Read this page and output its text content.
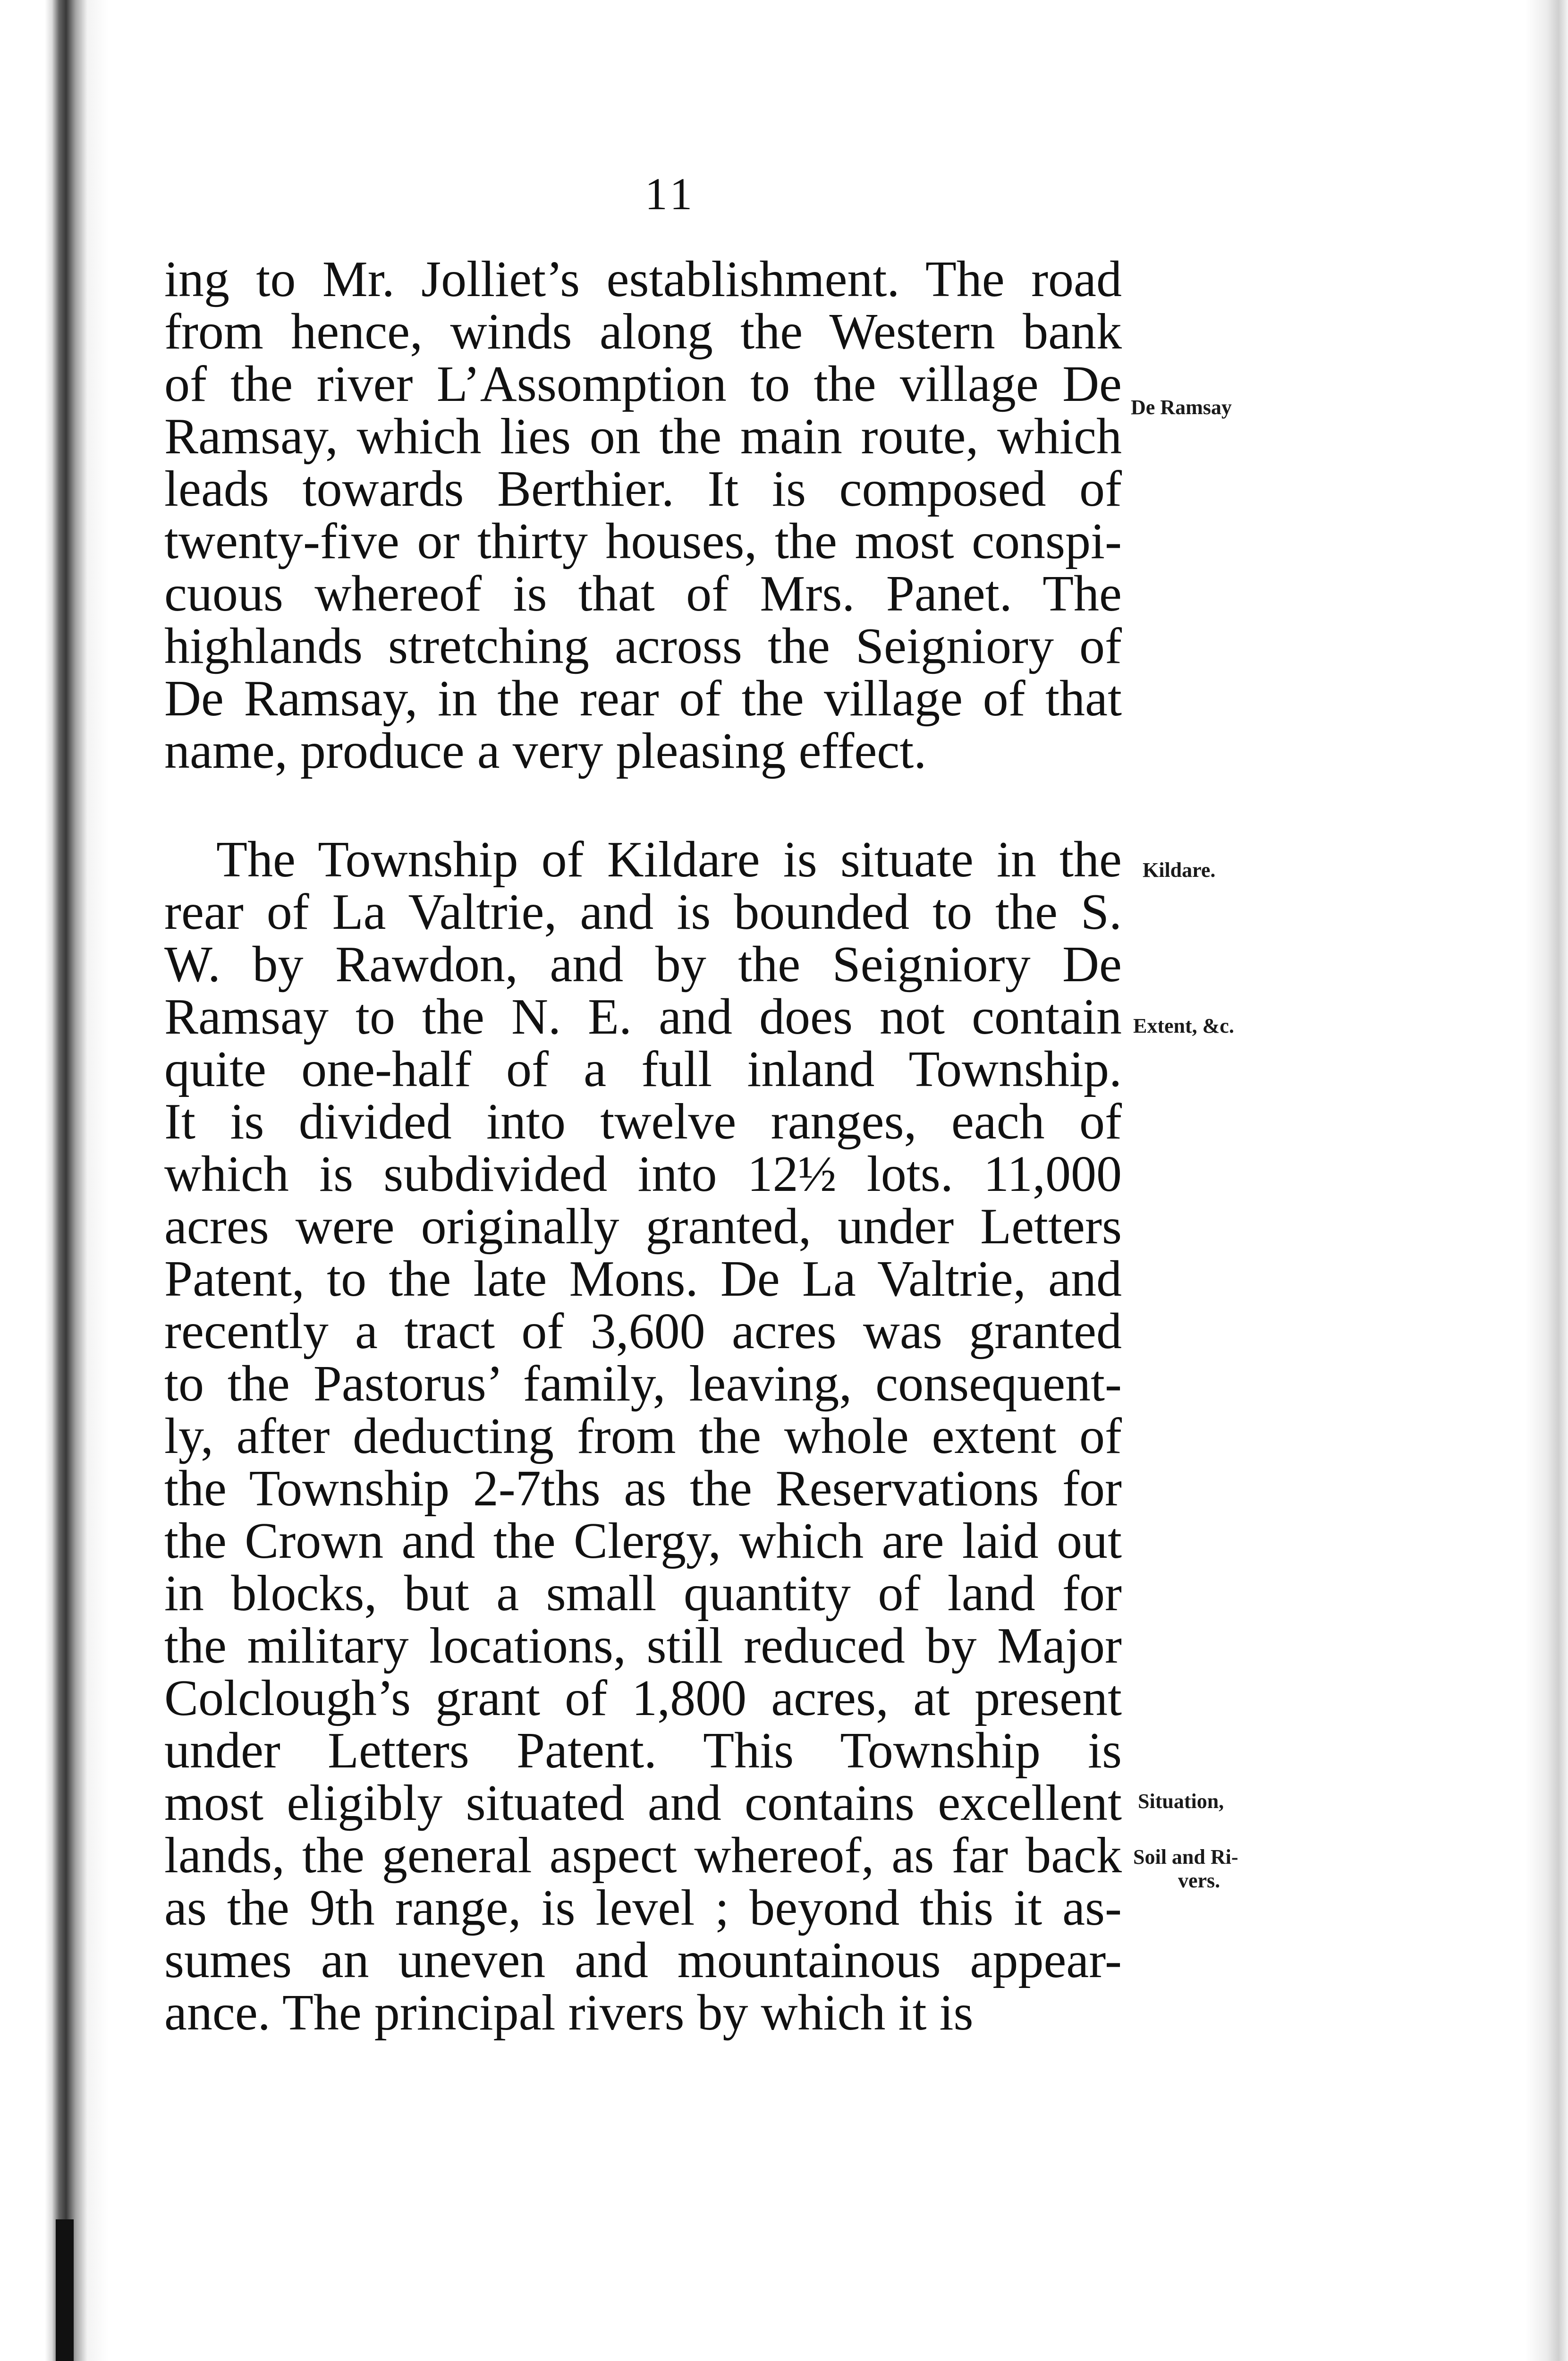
11
ing to Mr. Jolliet’s establishment. The road
from hence, winds along the Western bank
of the river L’Assomption to the village De
Ramsay, which lies on the main route, which
leads towards Berthier. It is composed of
twenty-five or thirty houses, the most conspi-
cuous whereof is that of Mrs. Panet. The
highlands stretching across the Seigniory of
De Ramsay, in the rear of the village of that
name, produce a very pleasing effect.
The Township of Kildare is situate in the
rear of La Valtrie, and is bounded to the S.
W. by Rawdon, and by the Seigniory De
Ramsay to the N. E. and does not contain
quite one-half of a full inland Township.
It is divided into twelve ranges, each of
which is subdivided into 12½ lots. 11,000
acres were originally granted, under Letters
Patent, to the late Mons. De La Valtrie, and
recently a tract of 3,600 acres was granted
to the Pastorus’ family, leaving, consequent-
ly, after deducting from the whole extent of
the Township 2-7ths as the Reservations for
the Crown and the Clergy, which are laid out
in blocks, but a small quantity of land for
the military locations, still reduced by Major
Colclough’s grant of 1,800 acres, at present
under Letters Patent. This Township is
most eligibly situated and contains excellent
lands, the general aspect whereof, as far back
as the 9th range, is level ; beyond this it as-
sumes an uneven and mountainous appear-
ance. The principal rivers by which it is
De Ramsay
Kildare.
Extent, &c.
Situation,
Soil and Ri-
vers.
